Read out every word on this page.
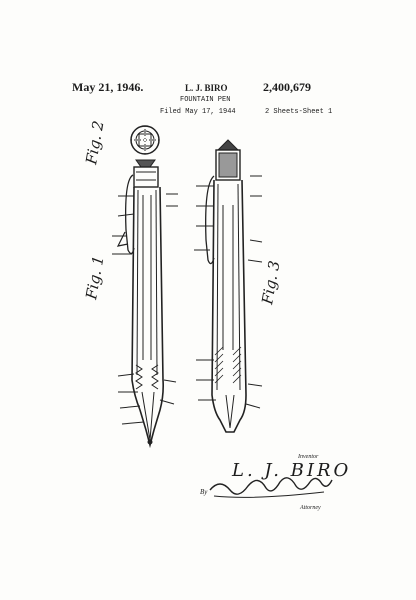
May 21, 1946.	L. J. BIRO	2,400,679
FOUNTAIN PEN
Filed May 17, 1944	2 Sheets-Sheet 1
Fig. 2
Fig. 1	Fig. 3
Inventor
L. J. BIRO
By
Attorney
